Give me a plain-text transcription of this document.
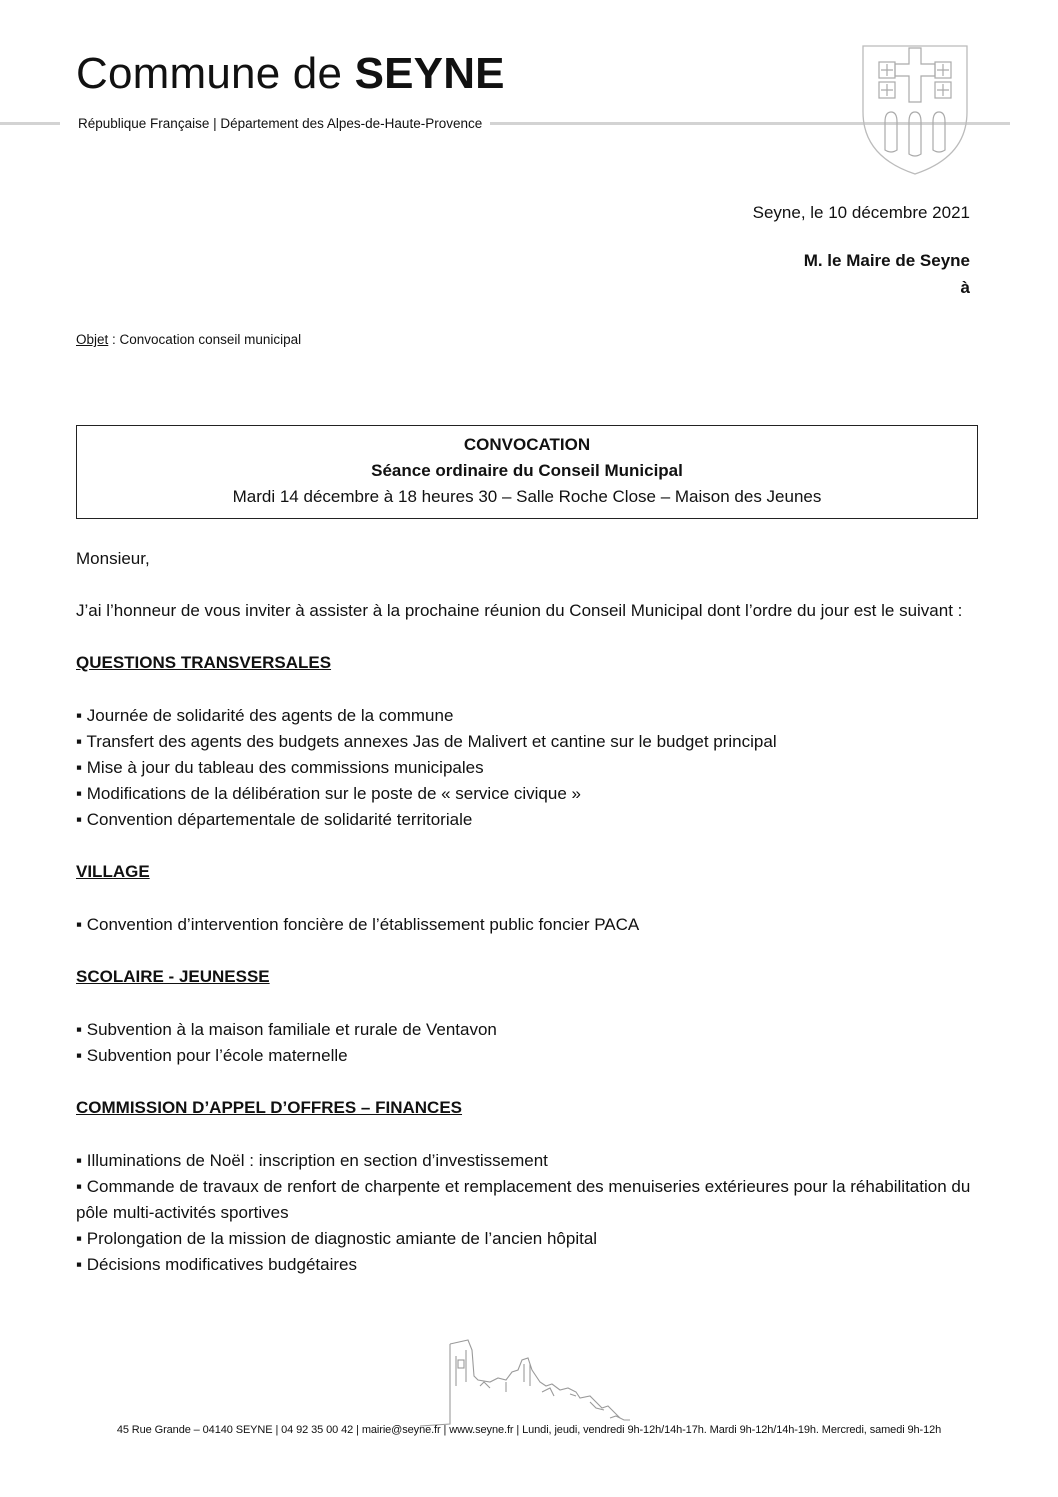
Commune de SEYNE
République Française | Département des Alpes-de-Haute-Provence
Seyne, le 10 décembre 2021
M. le Maire de Seyne
à
Objet : Convocation conseil municipal
CONVOCATION
Séance ordinaire du Conseil Municipal
Mardi 14 décembre à 18 heures 30 – Salle Roche Close – Maison des Jeunes

Monsieur,

J’ai l’honneur de vous inviter à assister à la prochaine réunion du Conseil Municipal dont l’ordre du jour est le suivant :

QUESTIONS TRANSVERSALES

▪ Journée de solidarité des agents de la commune

▪ Transfert des agents des budgets annexes Jas de Malivert et cantine sur le budget principal

▪ Mise à jour du tableau des commissions municipales

▪ Modifications de la délibération sur le poste de « service civique »

▪ Convention départementale de solidarité territoriale

VILLAGE

▪ Convention d’intervention foncière de l’établissement public foncier PACA

SCOLAIRE - JEUNESSE

▪ Subvention à la maison familiale et rurale de Ventavon

▪ Subvention pour l’école maternelle

COMMISSION D’APPEL D’OFFRES – FINANCES

▪ Illuminations de Noël : inscription en section d’investissement

▪ Commande de travaux de renfort de charpente et remplacement des menuiseries extérieures pour la réhabilitation du pôle multi-activités sportives

▪ Prolongation de la mission de diagnostic amiante de l’ancien hôpital

▪ Décisions modificatives budgétaires

45 Rue Grande – 04140 SEYNE | 04 92 35 00 42 | mairie@seyne.fr | www.seyne.fr | Lundi, jeudi, vendredi 9h-12h/14h-17h. Mardi 9h-12h/14h-19h. Mercredi, samedi 9h-12h
